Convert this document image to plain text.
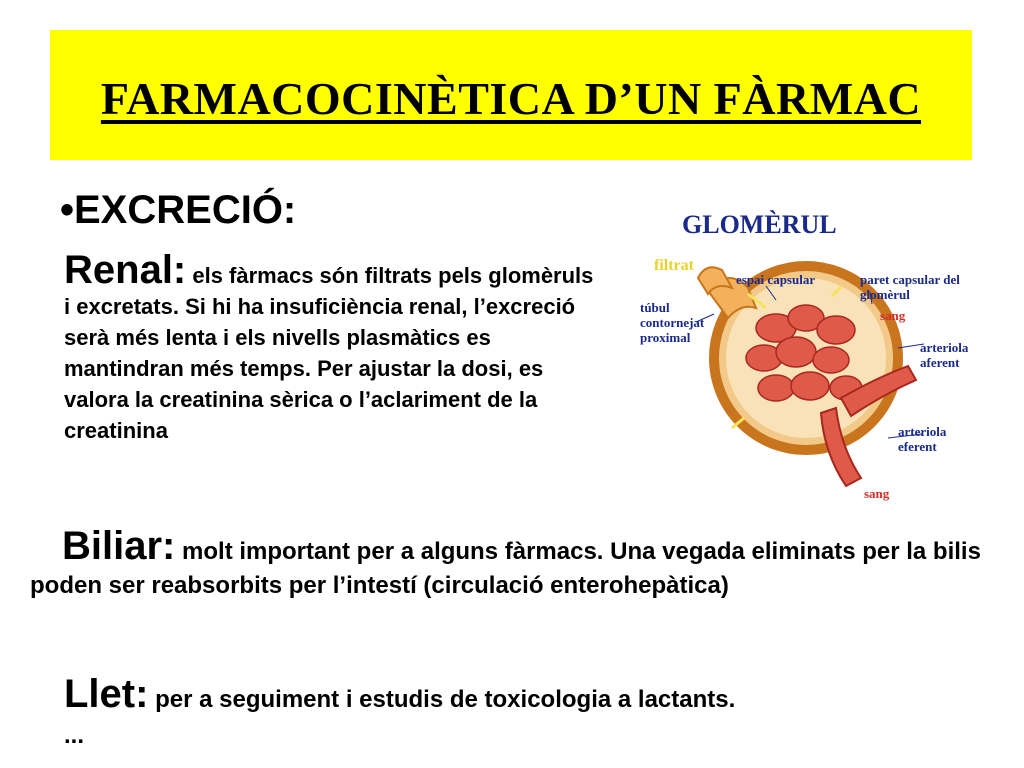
FARMACOCINÈTICA D’UN FÀRMAC
•EXCRECIÓ:
Renal: els fàrmacs són filtrats pels glomèruls i excretats. Si hi ha insuficiència renal, l’excreció serà més lenta i els nivells plasmàtics es mantindran més temps. Per ajustar la dosi, es valora la creatinina sèrica o l’aclariment de la creatinina
GLOMÈRUL
filtrat
espai capsular	paret capsular del glomèrul
sang
túbul contornejat proximal
arteriola aferent
arteriola eferent
sang
Biliar: molt important per a alguns fàrmacs. Una vegada eliminats per la bilis poden ser reabsorbits per l’intestí (circulació enterohepàtica)
Llet: per a seguiment i estudis de toxicologia a lactants.
...
